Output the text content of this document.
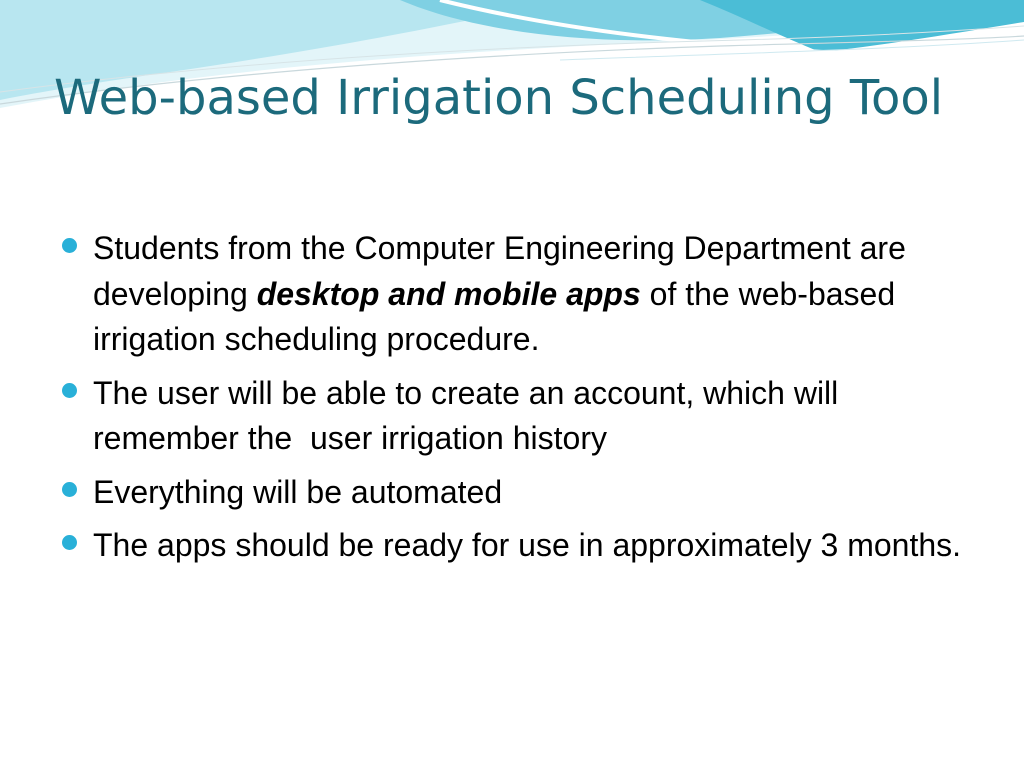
Web-based Irrigation Scheduling Tool
Students from the Computer Engineering Department are developing desktop and mobile apps of the web-based irrigation scheduling procedure.
The user will be able to create an account, which will remember the  user irrigation history
Everything will be automated
The apps should be ready for use in approximately 3 months.
